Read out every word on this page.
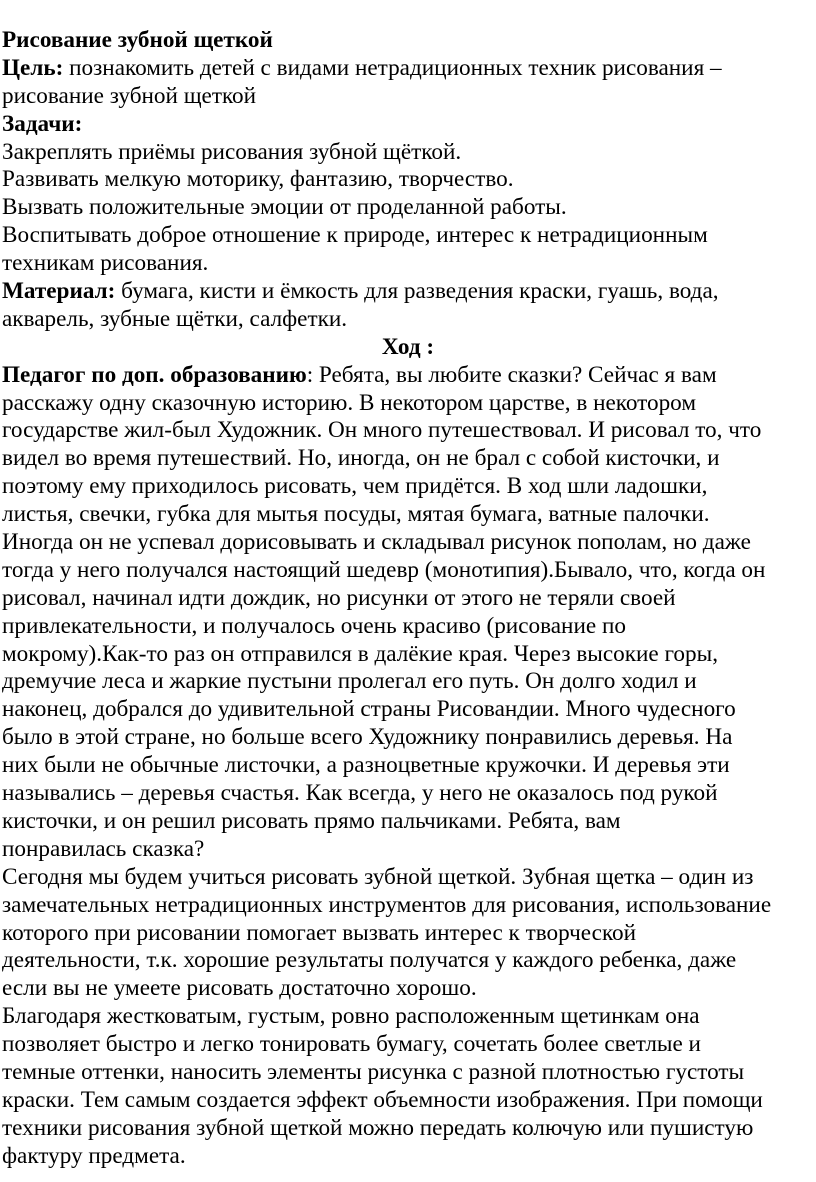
Рисование зубной щеткой
Цель: познакомить детей с видами нетрадиционных техник рисования –
рисование зубной щеткой
Задачи:
Закреплять приёмы рисования зубной щёткой.
Развивать мелкую моторику, фантазию, творчество.
Вызвать положительные эмоции от проделанной работы.
Воспитывать доброе отношение к природе, интерес к нетрадиционным
техникам рисования.
Материал: бумага, кисти и ёмкость для разведения краски, гуашь, вода,
акварель, зубные щётки, салфетки.
Ход :
Педагог по доп. образованию: Ребята, вы любите сказки? Сейчас я вам
расскажу одну сказочную историю. В некотором царстве, в некотором
государстве жил-был Художник. Он много путешествовал. И рисовал то, что
видел во время путешествий. Но, иногда, он не брал с собой кисточки, и
поэтому ему приходилось рисовать, чем придётся. В ход шли ладошки,
листья, свечки, губка для мытья посуды, мятая бумага, ватные палочки.
Иногда он не успевал дорисовывать и складывал рисунок пополам, но даже
тогда у него получался настоящий шедевр (монотипия).Бывало, что, когда он
рисовал, начинал идти дождик, но рисунки от этого не теряли своей
привлекательности, и получалось очень красиво (рисование по
мокрому).Как-то раз он отправился в далёкие края. Через высокие горы,
дремучие леса и жаркие пустыни пролегал его путь. Он долго ходил и
наконец, добрался до удивительной страны Рисовандии. Много чудесного
было в этой стране, но больше всего Художнику понравились деревья. На
них были не обычные листочки, а разноцветные кружочки. И деревья эти
назывались – деревья счастья. Как всегда, у него не оказалось под рукой
кисточки, и он решил рисовать прямо пальчиками. Ребята, вам
понравилась сказка?
Сегодня мы будем учиться рисовать зубной щеткой. Зубная щетка – один из
замечательных нетрадиционных инструментов для рисования, использование
которого при рисовании помогает вызвать интерес к творческой
деятельности, т.к. хорошие результаты получатся у каждого ребенка, даже
если вы не умеете рисовать достаточно хорошо.
Благодаря жестковатым, густым, ровно расположенным щетинкам она
позволяет быстро и легко тонировать бумагу, сочетать более светлые и
темные оттенки, наносить элементы рисунка с разной плотностью густоты
краски. Тем самым создается эффект объемности изображения. При помощи
техники рисования зубной щеткой можно передать колючую или пушистую
фактуру предмета.
